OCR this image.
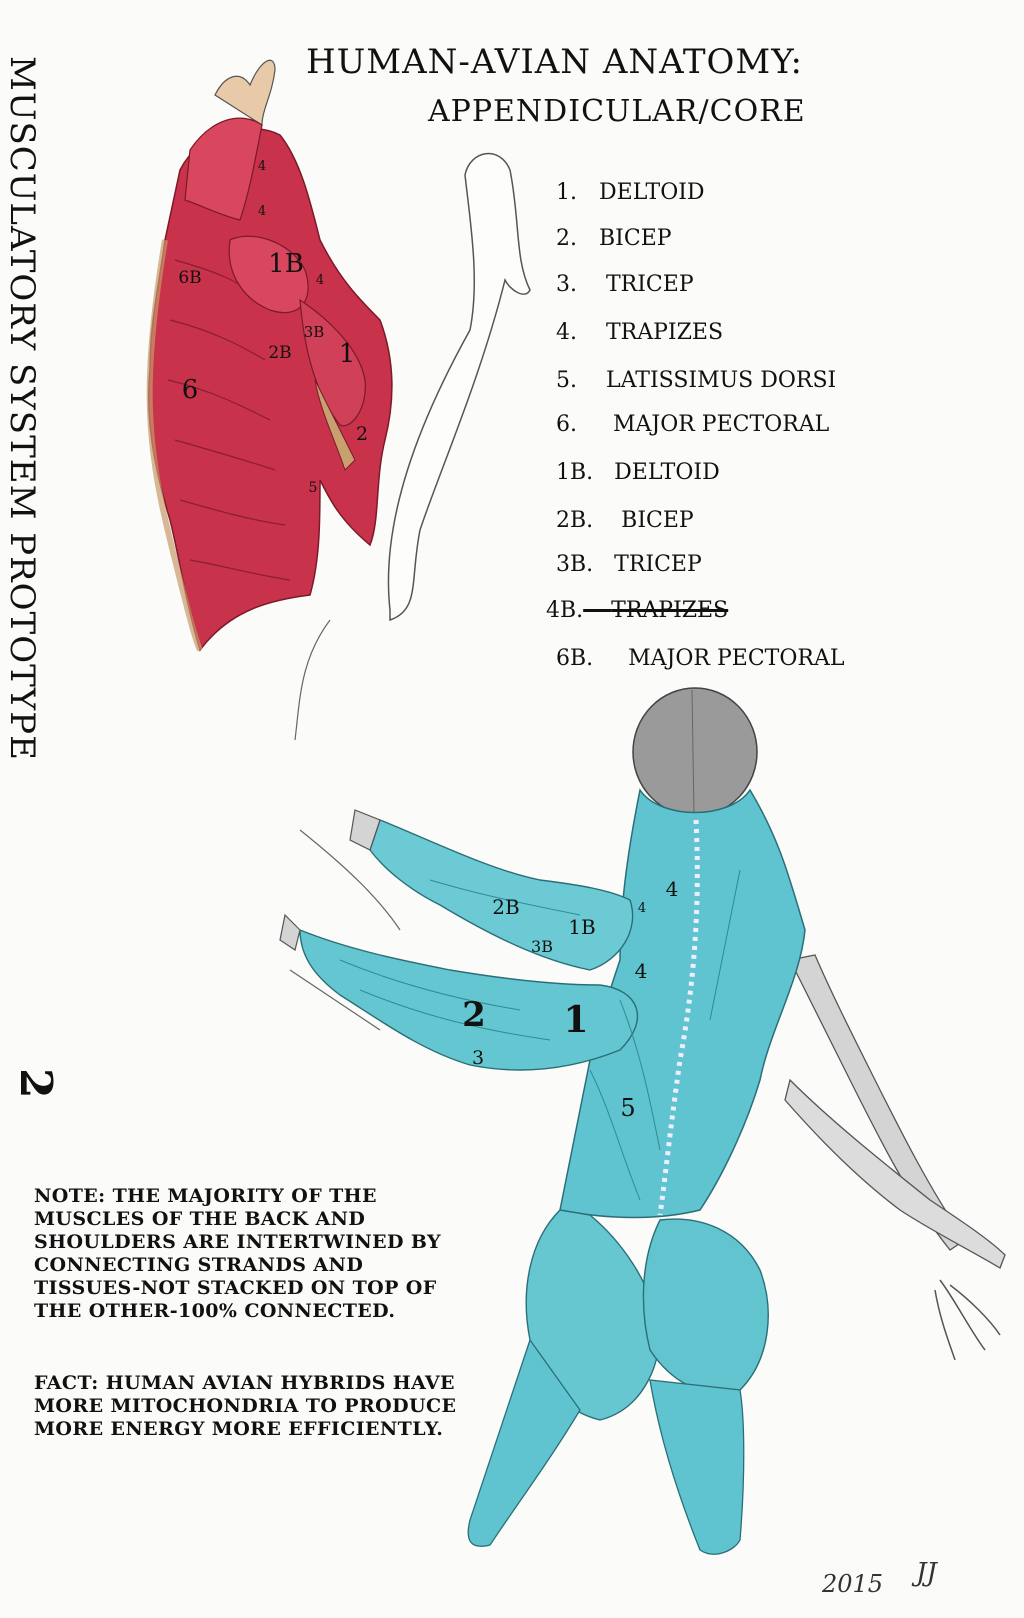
4
4
1B
4
6B
3B
2B 1
6
2
5
4
4
2B
1B
3B
4
2 1
3
5
HUMAN-AVIAN ANATOMY:
APPENDICULAR/CORE
MUSCULATORY SYSTEM PROTOTYPE
2
1. DELTOID
2. BICEP
3. TRICEP
4. TRAPIZES
5. LATISSIMUS DORSI
6. MAJOR PECTORAL
1B. DELTOID
2B. BICEP
3B. TRICEP
4B. TRAPIZES
6B. MAJOR PECTORAL
NOTE: THE MAJORITY OF THE MUSCLES OF THE BACK AND SHOULDERS ARE INTERTWINED BY CONNECTING STRANDS AND TISSUES-NOT STACKED ON TOP OF THE OTHER-100% CONNECTED.
FACT: HUMAN AVIAN HYBRIDS HAVE MORE MITOCHONDRIA TO PRODUCE MORE ENERGY MORE EFFICIENTLY.
2015 JJ
